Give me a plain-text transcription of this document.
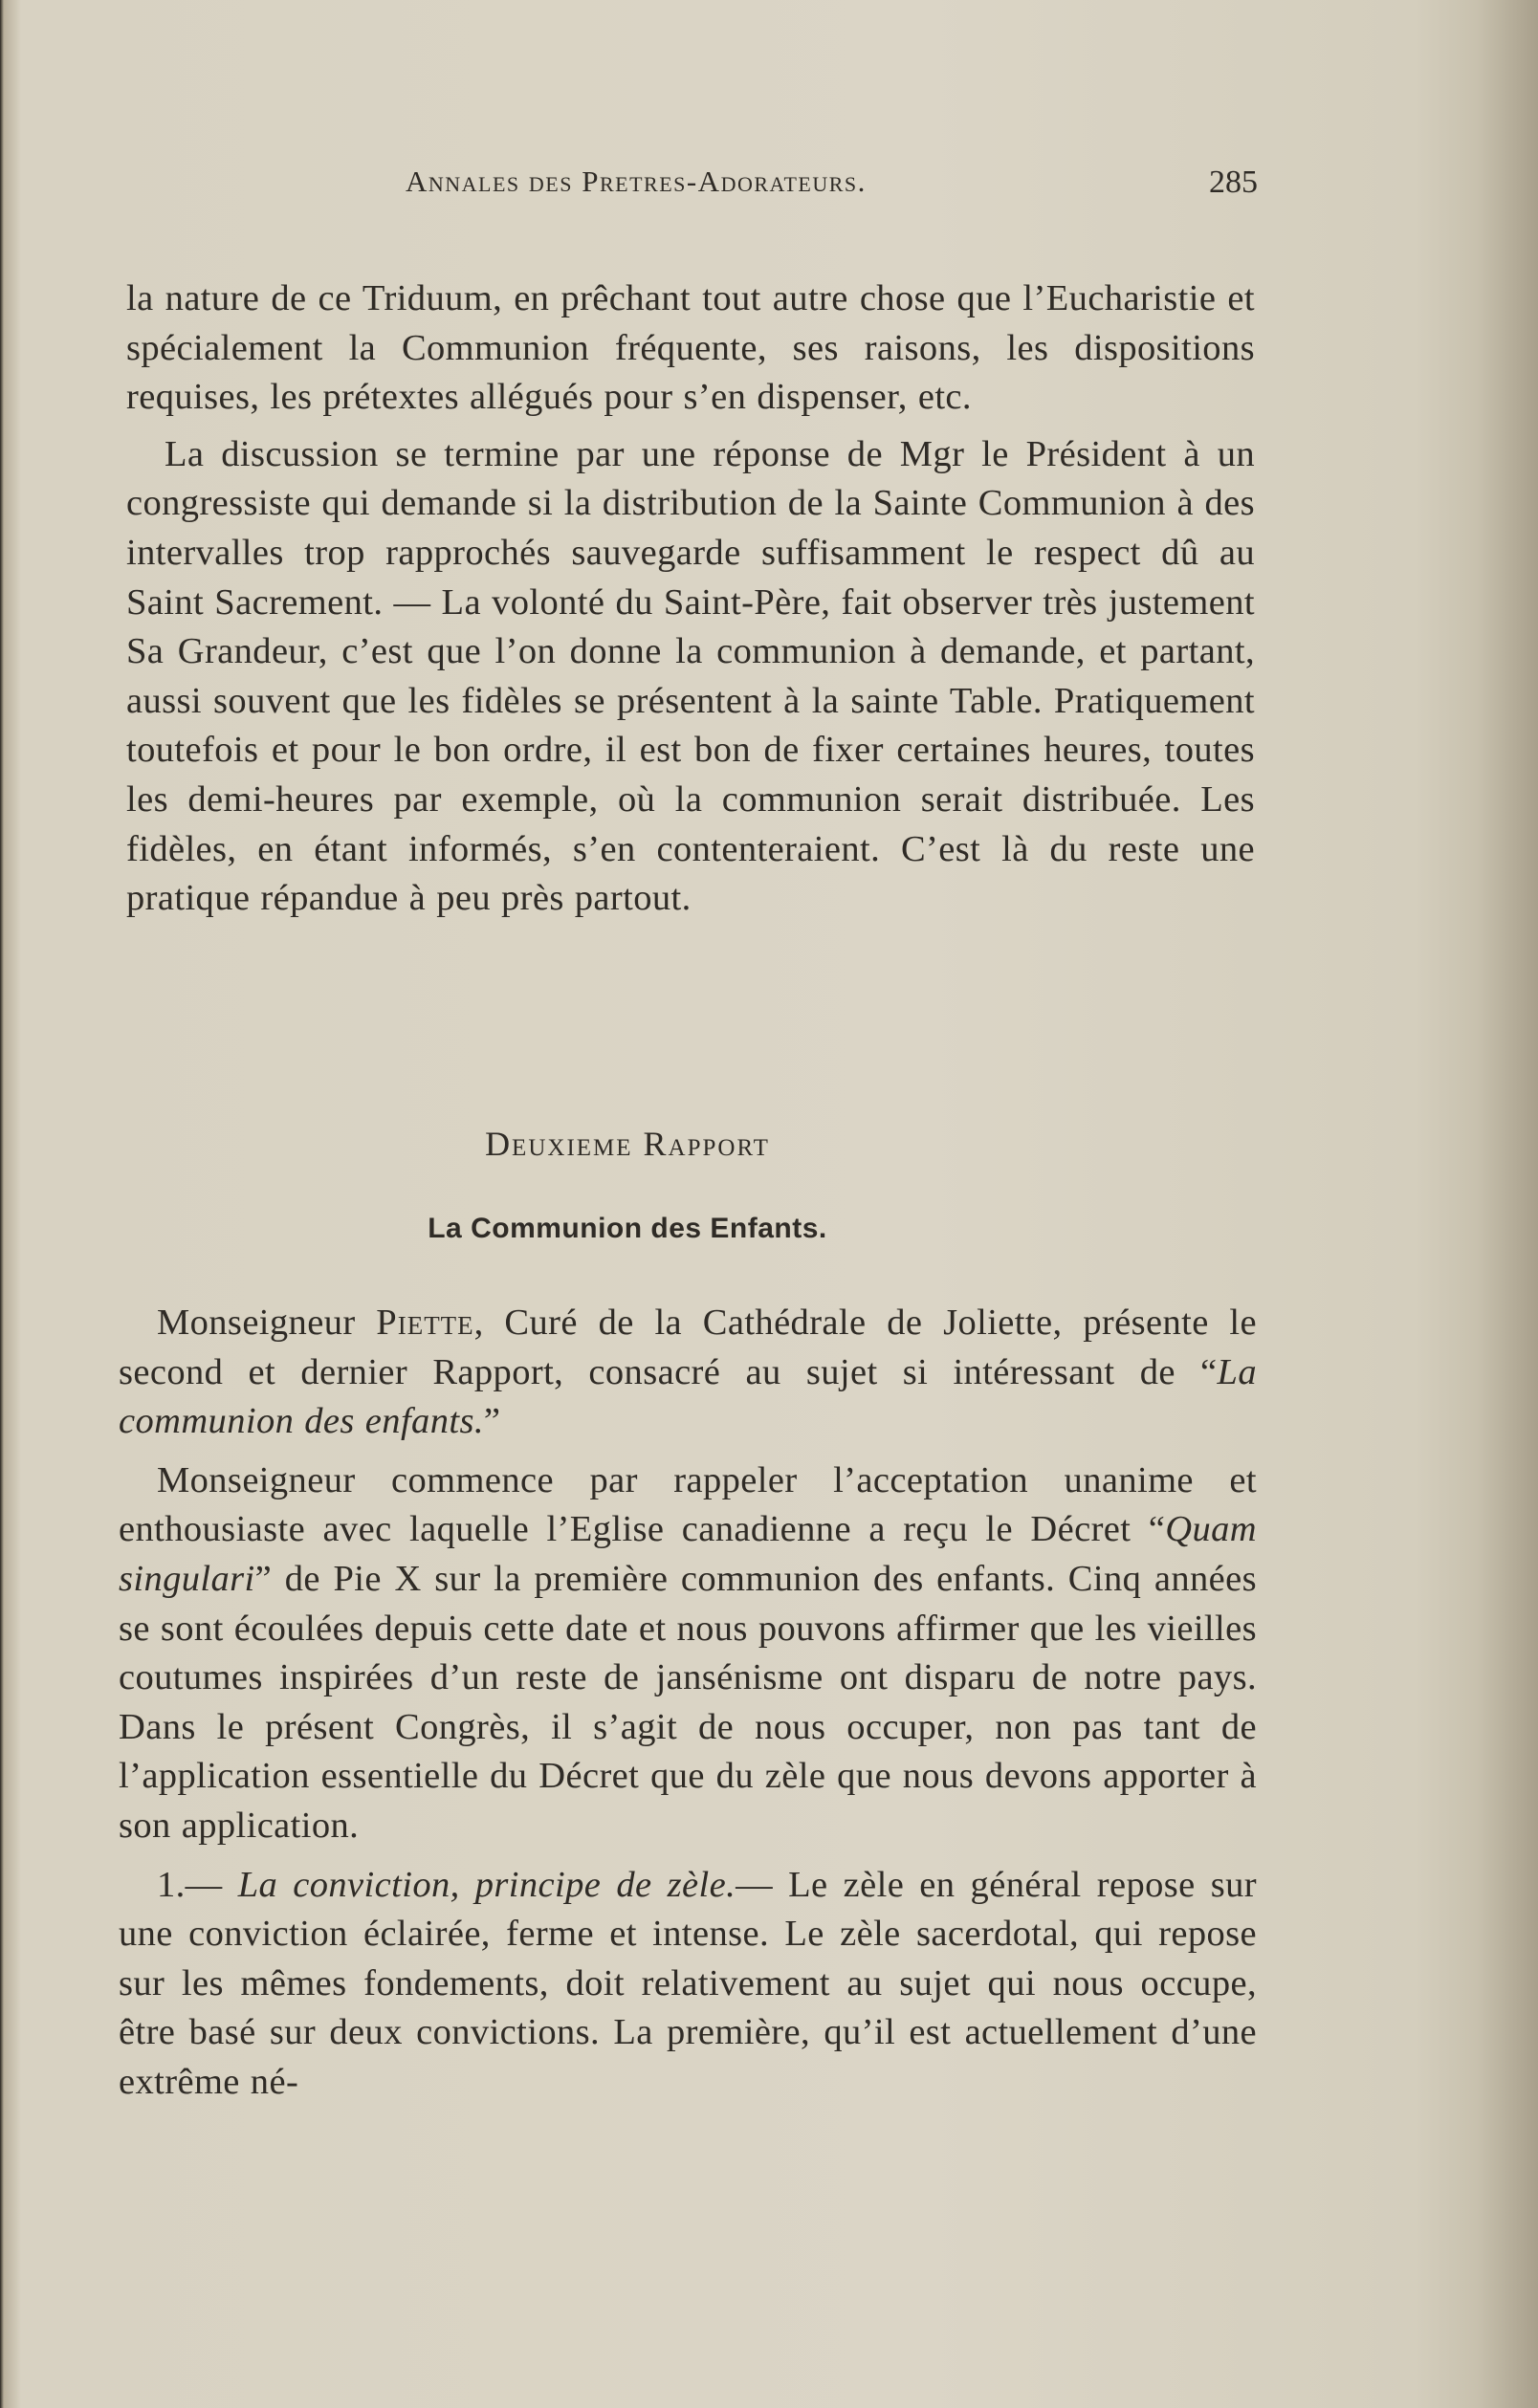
Annales des Pretres-Adorateurs.	285

la nature de ce Triduum, en prêchant tout autre chose que l’Eucharistie et spécialement la Communion fréquente, ses raisons, les dispositions requises, les prétextes allégués pour s’en dispenser, etc.

La discussion se termine par une réponse de Mgr le Président à un congressiste qui demande si la distribution de la Sainte Communion à des intervalles trop rapprochés sauvegarde suffisamment le respect dû au Saint Sacrement. — La volonté du Saint-Père, fait observer très justement Sa Grandeur, c’est que l’on donne la communion à demande, et partant, aussi souvent que les fidèles se présentent à la sainte Table. Pratiquement toutefois et pour le bon ordre, il est bon de fixer certaines heures, toutes les demi-heures par exemple, où la communion serait distribuée. Les fidèles, en étant informés, s’en contenteraient. C’est là du reste une pratique répandue à peu près partout.

Deuxieme Rapport
La Communion des Enfants.

Monseigneur Piette, Curé de la Cathédrale de Joliette, présente le second et dernier Rapport, consacré au sujet si intéressant de “La communion des enfants.”

Monseigneur commence par rappeler l’acceptation unanime et enthousiaste avec laquelle l’Eglise canadienne a reçu le Décret “Quam singulari” de Pie X sur la première communion des enfants. Cinq années se sont écoulées depuis cette date et nous pouvons affirmer que les vieilles coutumes inspirées d’un reste de jansénisme ont disparu de notre pays. Dans le présent Congrès, il s’agit de nous occuper, non pas tant de l’application essentielle du Décret que du zèle que nous devons apporter à son application.

1.— La conviction, principe de zèle.— Le zèle en général repose sur une conviction éclairée, ferme et intense. Le zèle sacerdotal, qui repose sur les mêmes fondements, doit relativement au sujet qui nous occupe, être basé sur deux convictions. La première, qu’il est actuellement d’une extrême né-
